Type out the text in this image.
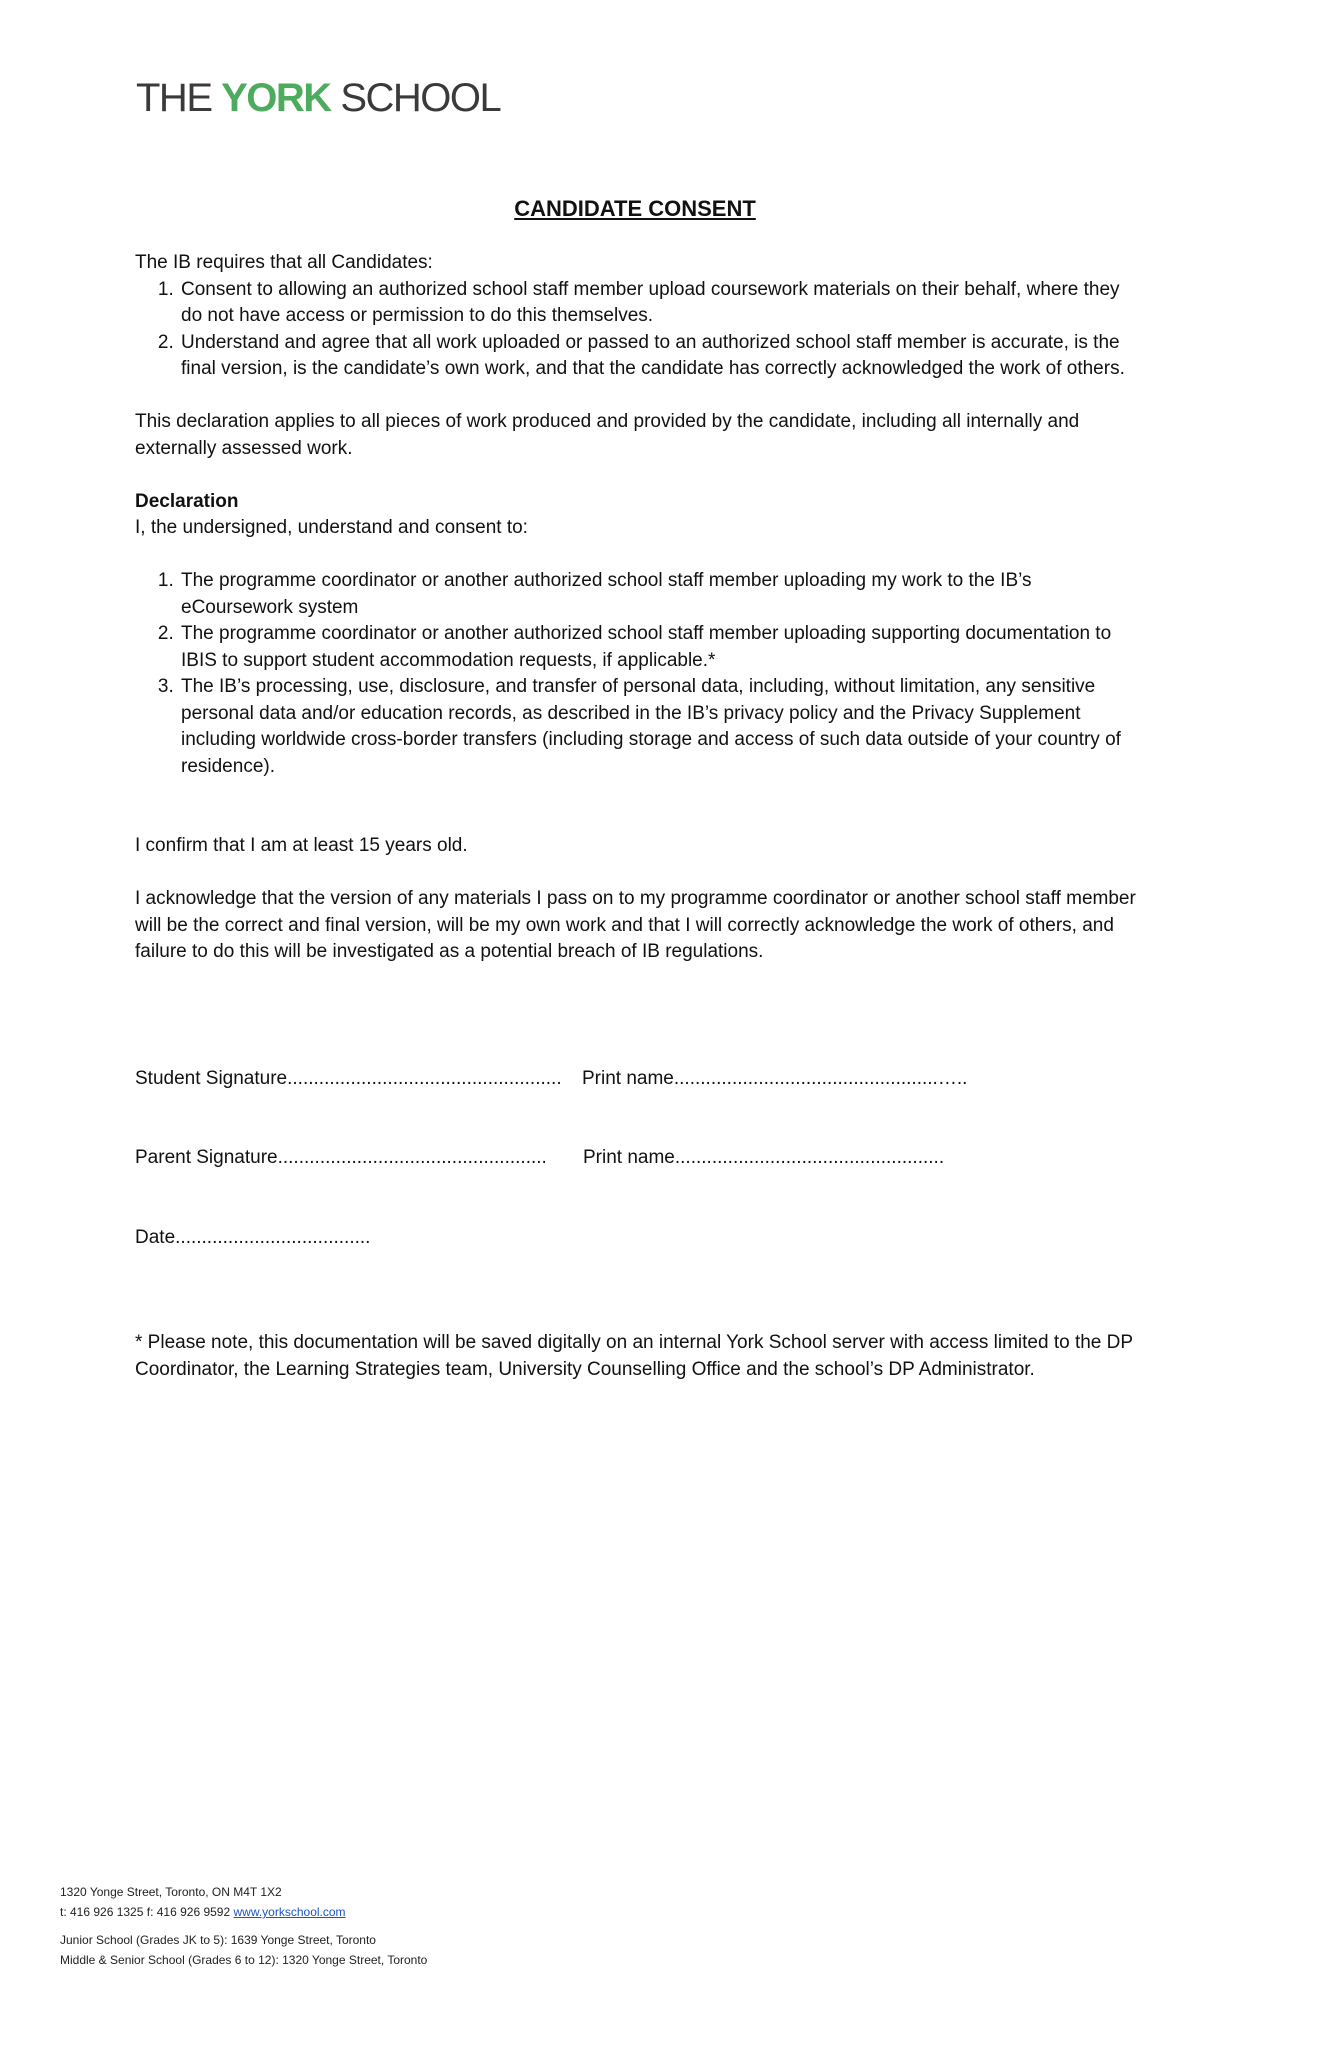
THE YORK SCHOOL
CANDIDATE CONSENT

The IB requires that all Candidates:

1. Consent to allowing an authorized school staff member upload coursework materials on their behalf, where they do not have access or permission to do this themselves.
2. Understand and agree that all work uploaded or passed to an authorized school staff member is accurate, is the final version, is the candidate’s own work, and that the candidate has correctly acknowledged the work of others.

This declaration applies to all pieces of work produced and provided by the candidate, including all internally and externally assessed work.

Declaration

I, the undersigned, understand and consent to:

1. The programme coordinator or another authorized school staff member uploading my work to the IB’s eCoursework system
2. The programme coordinator or another authorized school staff member uploading supporting documentation to IBIS to support student accommodation requests, if applicable.*
3. The IB’s processing, use, disclosure, and transfer of personal data, including, without limitation, any sensitive personal data and/or education records, as described in the IB’s privacy policy and the Privacy Supplement including worldwide cross-border transfers (including storage and access of such data outside of your country of residence).

I confirm that I am at least 15 years old.

I acknowledge that the version of any materials I pass on to my programme coordinator or another school staff member will be the correct and final version, will be my own work and that I will correctly acknowledge the work of others, and failure to do this will be investigated as a potential breach of IB regulations.

Student Signature.................................................... Print name..................................................…..
Parent Signature................................................... Print name...................................................
Date.....................................
* Please note, this documentation will be saved digitally on an internal York School server with access limited to the DP Coordinator, the Learning Strategies team, University Counselling Office and the school’s DP Administrator.
1320 Yonge Street, Toronto, ON M4T 1X2
t: 416 926 1325 f: 416 926 9592 www.yorkschool.com
Junior School (Grades JK to 5): 1639 Yonge Street, Toronto
Middle & Senior School (Grades 6 to 12): 1320 Yonge Street, Toronto
